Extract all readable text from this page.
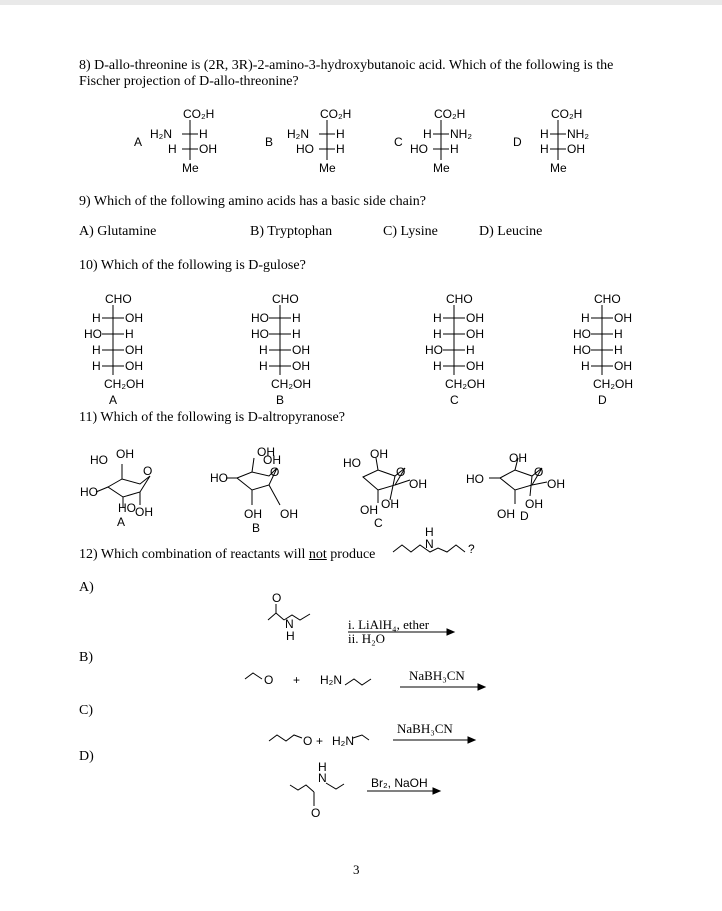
8) D-allo-threonine is (2R, 3R)-2-amino-3-hydroxybutanoic acid. Which of the following is the
Fischer projection of D-allo-threonine?
CO₂H
H₂N H
H OH
Me
A
CO₂H
H₂N H
HO H
Me
B
CO₂H
H NH₂
HO H
Me
C
CO₂H
H NH₂
H OH
Me
D
CHO
H OH
HO H
H OH
H OH
CH₂OH
A
CHO
HO H
HO H
H OH
H OH
CH₂OH
B
CHO
H OH
H OH
HO H
H OH
CH₂OH
C
CHO
H OH
HO H
HO H
H OH
CH₂OH
D
HO OH
O
HO
HO OH
A
OH
OH
O
HO
OH OH
B
HO
OH
O
OH
OH OH
C
OH
O
HO	OH
OH
OH
D
H
N	?
O
N
H
O + H₂N
O + H₂N
H
N
O
i. LiAlH₄, ether
ii. H₂O
NaBH₃CN
NaBH₃CN
Br₂, NaOH
9) Which of the following amino acids has a basic side chain?
A) Glutamine	B) Tryptophan	C) Lysine	D) Leucine
10) Which of the following is D-gulose?
11) Which of the following is D-altropyranose?
12) Which combination of reactants will not produce
A)
B)
C)
D)
3
